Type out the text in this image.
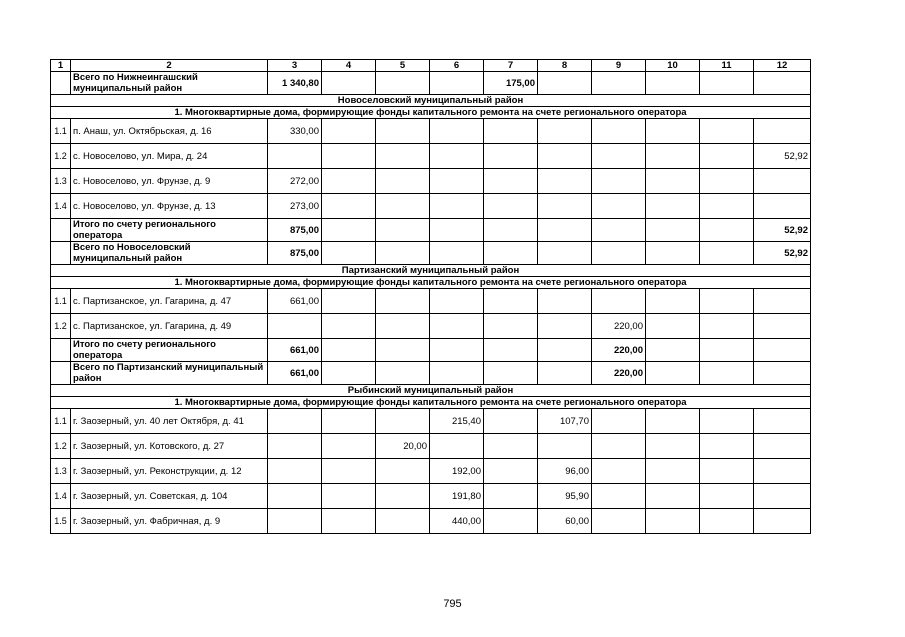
1	2	3	4	5	6	7	8	9	10	11	12
	Всего по Нижнеингашский муниципальный район	1 340,80				175,00					
Новоселовский муниципальный район											
1. Многоквартирные дома, формирующие фонды капитального ремонта на счете регионального оператора											
1.1	п. Анаш, ул. Октябрьская, д. 16	330,00									
1.2	с. Новоселово, ул. Мира, д. 24										52,92
1.3	с. Новоселово, ул. Фрунзе, д. 9	272,00									
1.4	с. Новоселово, ул. Фрунзе, д. 13	273,00									
	Итого по счету регионального оператора	875,00									52,92
	Всего по Новоселовский муниципальный район	875,00									52,92
Партизанский муниципальный район											
1. Многоквартирные дома, формирующие фонды капитального ремонта на счете регионального оператора											
1.1	с. Партизанское, ул. Гагарина, д. 47	661,00									
1.2	с. Партизанское, ул. Гагарина, д. 49							220,00			
	Итого по счету регионального оператора	661,00						220,00			
	Всего по Партизанский муниципальный район	661,00						220,00			
Рыбинский муниципальный район											
1. Многоквартирные дома, формирующие фонды капитального ремонта на счете регионального оператора											
1.1	г. Заозерный, ул. 40 лет Октября, д. 41				215,40		107,70				
1.2	г. Заозерный, ул. Котовского, д. 27			20,00							
1.3	г. Заозерный, ул. Реконструкции, д. 12				192,00		96,00				
1.4	г. Заозерный, ул. Советская, д. 104				191,80		95,90				
1.5	г. Заозерный, ул. Фабричная, д. 9				440,00		60,00				
795
